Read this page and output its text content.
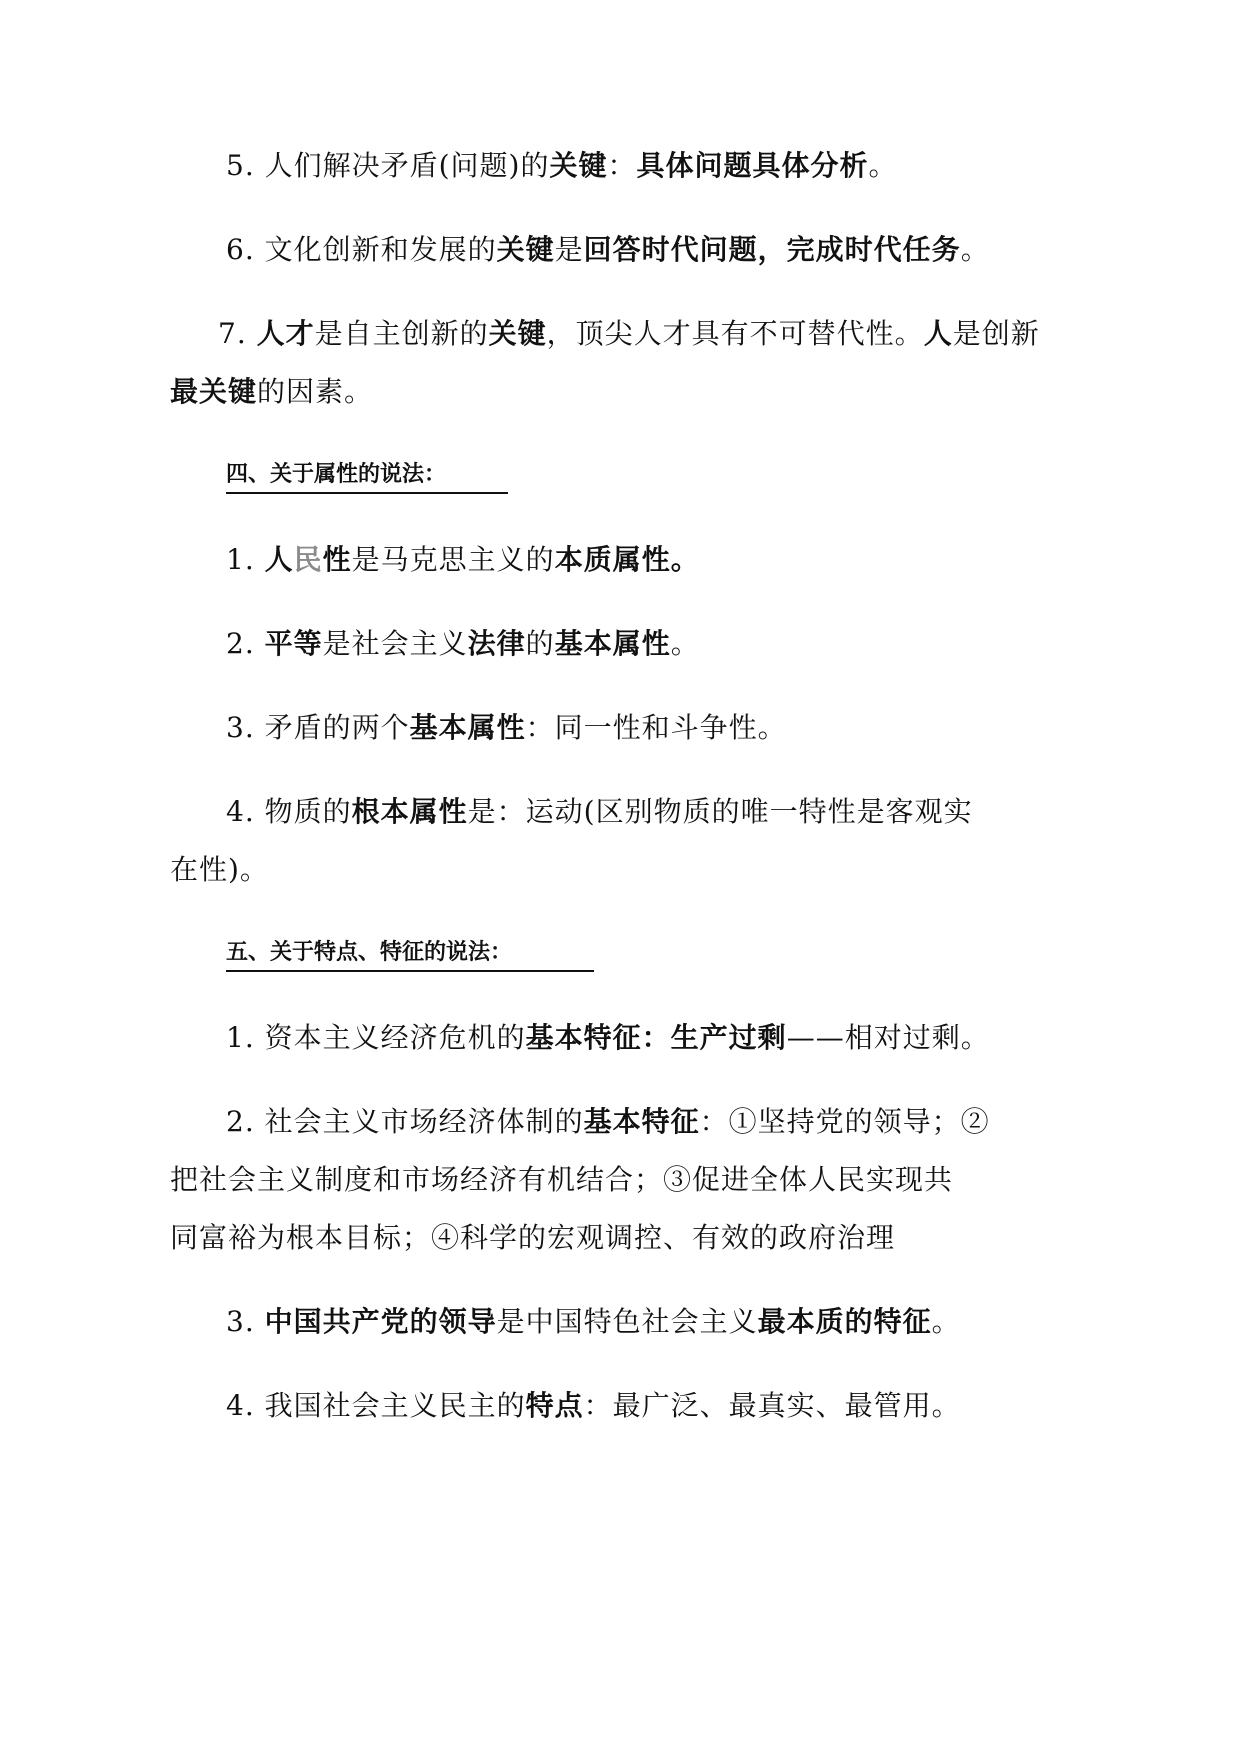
5. 人们解决矛盾(问题)的关键：具体问题具体分析。
6. 文化创新和发展的关键是回答时代问题，完成时代任务。
7. 人才是自主创新的关键，顶尖人才具有不可替代性。人是创新
最关键的因素。
四、关于属性的说法：
1. 人民性是马克思主义的本质属性。
2. 平等是社会主义法律的基本属性。
3. 矛盾的两个基本属性：同一性和斗争性。
4. 物质的根本属性是：运动(区别物质的唯一特性是客观实
在性)。
五、关于特点、特征的说法：
1. 资本主义经济危机的基本特征：生产过剩——相对过剩。
2. 社会主义市场经济体制的基本特征：①坚持党的领导；②
把社会主义制度和市场经济有机结合；③促进全体人民实现共
同富裕为根本目标；④科学的宏观调控、有效的政府治理
3. 中国共产党的领导是中国特色社会主义最本质的特征。
4. 我国社会主义民主的特点：最广泛、最真实、最管用。
